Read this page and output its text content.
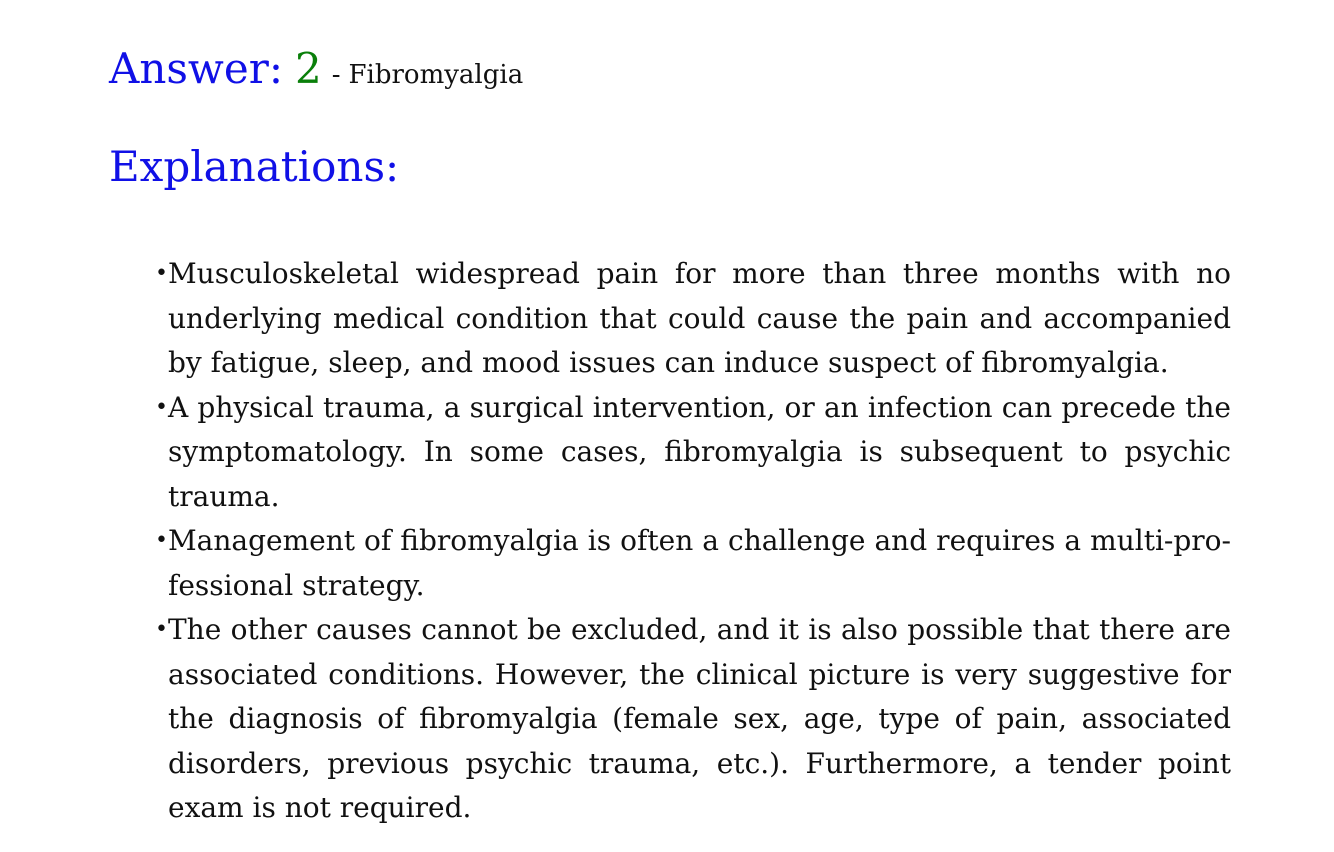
Answer: 2 - Fibromyalgia
Explanations:
• Musculoskeletal widespread pain for more than three months with no underlying medical condition that could cause the pain and accompanied by fatigue, sleep, and mood issues can induce suspect of fibromyalgia.
• A physical trauma, a surgical intervention, or an infection can precede the symptomatology. In some cases, fibromyalgia is subsequent to psychic trauma.
• Management of fibromyalgia is often a challenge and requires a multi-pro-fessional strategy.
• The other causes cannot be excluded, and it is also possible that there are associated conditions. However, the clinical picture is very suggestive for the diagnosis of fibromyalgia (female sex, age, type of pain, associated disorders, previous psychic trauma, etc.). Furthermore, a tender point exam is not required.
